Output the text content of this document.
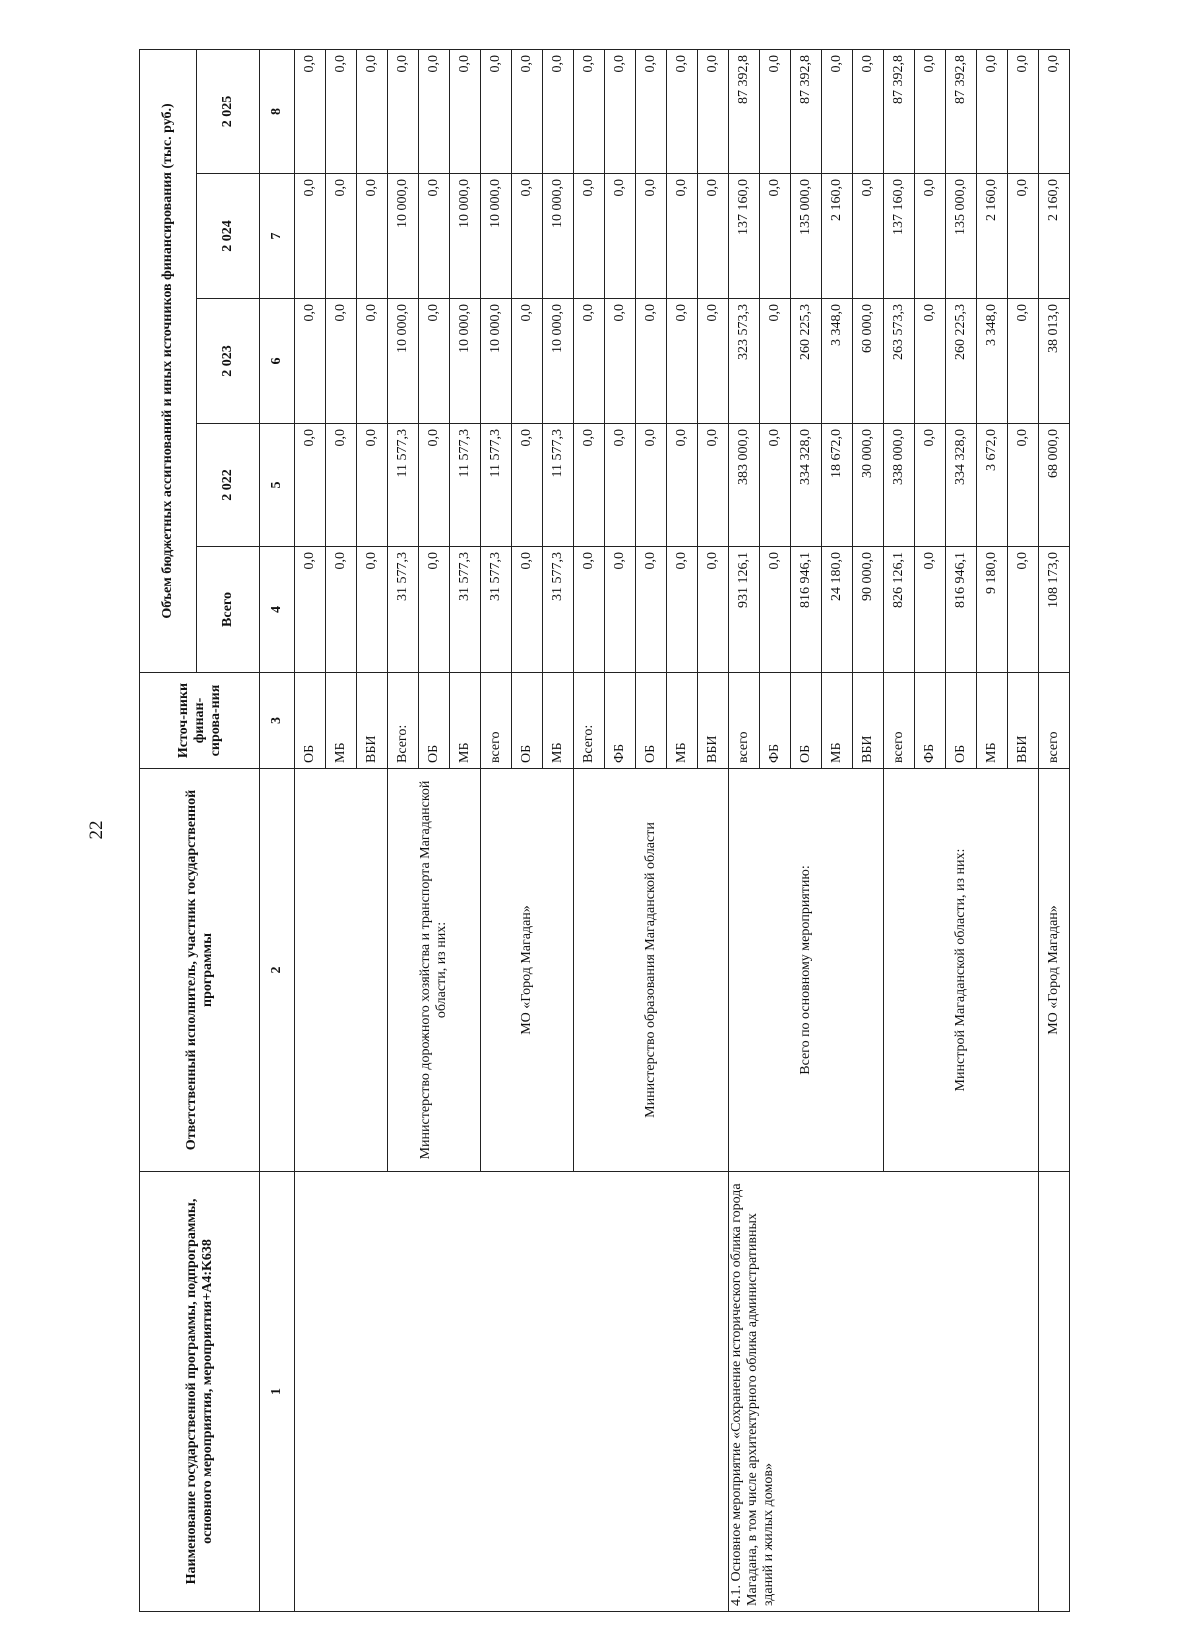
22
Наименование государственной программы, подпрограммы, основного мероприятия, мероприятия+A4:K638	Ответственный исполнитель, участник государственной программы	Источ-ники финан-сирова-ния	Объем бюджетных ассигнований и иных источников финансирования (тыс. руб.)				
			Всего	2 022	2 023	2 024	2 025
1	2	3	4	5	6	7	8
		ОБ	0,0	0,0	0,0	0,0	0,0
		МБ	0,0	0,0	0,0	0,0	0,0
		ВБИ	0,0	0,0	0,0	0,0	0,0
	Министерство дорожного хозяйства и транспорта Магаданской области, из них:	Всего:	31 577,3	11 577,3	10 000,0	10 000,0	0,0
		ОБ	0,0	0,0	0,0	0,0	0,0
		МБ	31 577,3	11 577,3	10 000,0	10 000,0	0,0
	МО «Город Магадан»	всего	31 577,3	11 577,3	10 000,0	10 000,0	0,0
		ОБ	0,0	0,0	0,0	0,0	0,0
		МБ	31 577,3	11 577,3	10 000,0	10 000,0	0,0
	Министерство образования Магаданской области	Всего:	0,0	0,0	0,0	0,0	0,0
		ФБ	0,0	0,0	0,0	0,0	0,0
		ОБ	0,0	0,0	0,0	0,0	0,0
		МБ	0,0	0,0	0,0	0,0	0,0
		ВБИ	0,0	0,0	0,0	0,0	0,0
4.1. Основное мероприятие «Сохранение исторического облика города Магадана, в том числе архитектурного облика административных зданий и жилых домов»	Всего по основному мероприятию:	всего	931 126,1	383 000,0	323 573,3	137 160,0	87 392,8
		ФБ	0,0	0,0	0,0	0,0	0,0
		ОБ	816 946,1	334 328,0	260 225,3	135 000,0	87 392,8
		МБ	24 180,0	18 672,0	3 348,0	2 160,0	0,0
		ВБИ	90 000,0	30 000,0	60 000,0	0,0	0,0
	Минстрой Магаданской области, из них:	всего	826 126,1	338 000,0	263 573,3	137 160,0	87 392,8
		ФБ	0,0	0,0	0,0	0,0	0,0
		ОБ	816 946,1	334 328,0	260 225,3	135 000,0	87 392,8
		МБ	9 180,0	3 672,0	3 348,0	2 160,0	0,0
		ВБИ	0,0	0,0	0,0	0,0	0,0
	МО «Город Магадан»	всего	108 173,0	68 000,0	38 013,0	2 160,0	0,0
